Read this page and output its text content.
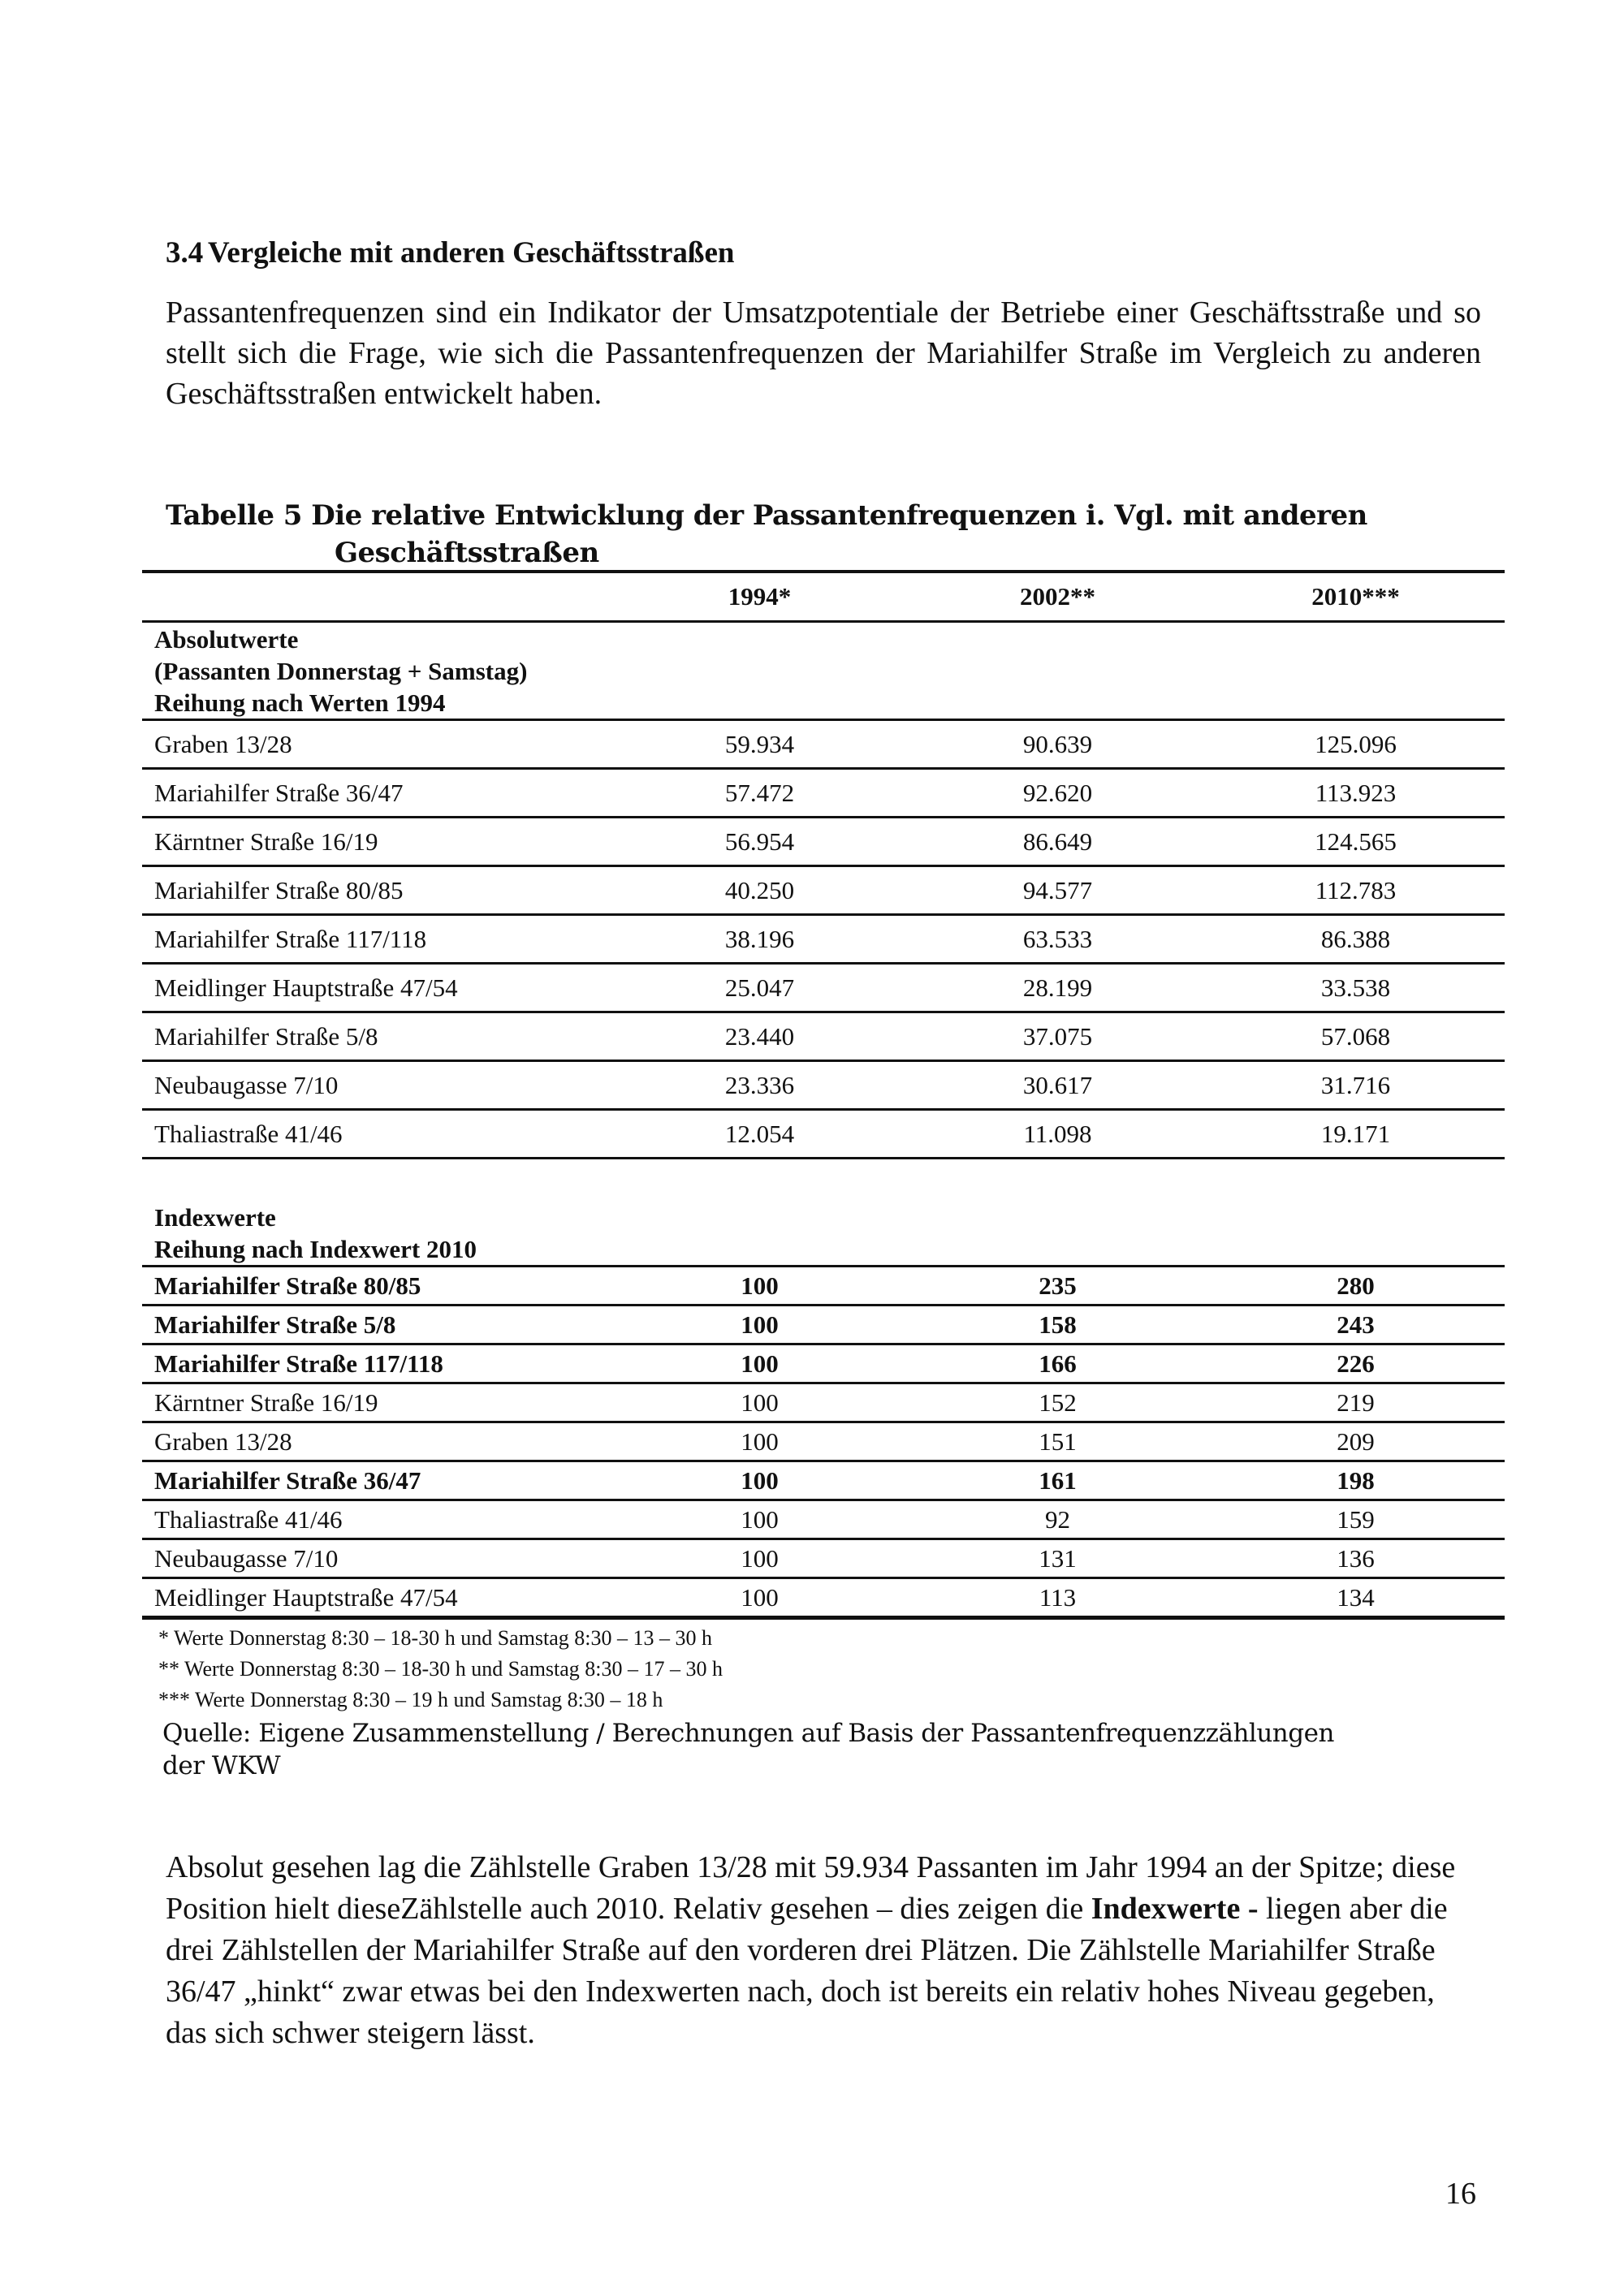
3.4 Vergleiche mit anderen Geschäftsstraßen
Passantenfrequenzen sind ein Indikator der Umsatzpotentiale der Betriebe einer Geschäftsstraße und so stellt sich die Frage, wie sich die Passantenfrequenzen der Mariahilfer Straße im Vergleich zu anderen Geschäftsstraßen entwickelt haben.
Tabelle 5 Die relative Entwicklung der Passantenfrequenzen i. Vgl. mit anderen
Geschäftsstraßen
	1994*	2002**	2010***

Absolutwerte
(Passanten Donnerstag + Samstag)
Reihung nach Werten 1994			

Graben 13/28	59.934	90.639	125.096
Mariahilfer Straße 36/47	57.472	92.620	113.923
Kärntner Straße 16/19	56.954	86.649	124.565
Mariahilfer Straße 80/85	40.250	94.577	112.783
Mariahilfer Straße 117/118	38.196	63.533	86.388
Meidlinger Hauptstraße 47/54	25.047	28.199	33.538
Mariahilfer Straße 5/8	23.440	37.075	57.068
Neubaugasse 7/10	23.336	30.617	31.716
Thaliastraße 41/46	12.054	11.098	19.171

Indexwerte
Reihung nach Indexwert 2010			

Mariahilfer Straße 80/85	100	235	280
Mariahilfer Straße 5/8	100	158	243
Mariahilfer Straße 117/118	100	166	226
Kärntner Straße 16/19	100	152	219
Graben 13/28	100	151	209
Mariahilfer Straße 36/47	100	161	198
Thaliastraße 41/46	100	92	159
Neubaugasse 7/10	100	131	136
Meidlinger Hauptstraße 47/54	100	113	134
* Werte Donnerstag 8:30 – 18-30 h und Samstag 8:30 – 13 – 30 h
** Werte Donnerstag 8:30 – 18-30 h und Samstag 8:30 – 17 – 30 h
*** Werte Donnerstag 8:30 – 19 h und Samstag 8:30 – 18 h
Quelle: Eigene Zusammenstellung / Berechnungen auf Basis der Passantenfrequenzzählungen
der WKW
Absolut gesehen lag die Zählstelle Graben 13/28 mit 59.934 Passanten im Jahr 1994 an der Spitze; diese Position hielt dieseZählstelle auch 2010. Relativ gesehen – dies zeigen die Indexwerte - liegen aber die drei Zählstellen der Mariahilfer Straße auf den vorderen drei Plätzen. Die Zählstelle Mariahilfer Straße 36/47 „hinkt“ zwar etwas bei den Indexwerten nach, doch ist bereits ein relativ hohes Niveau gegeben, das sich schwer steigern lässt.
16
